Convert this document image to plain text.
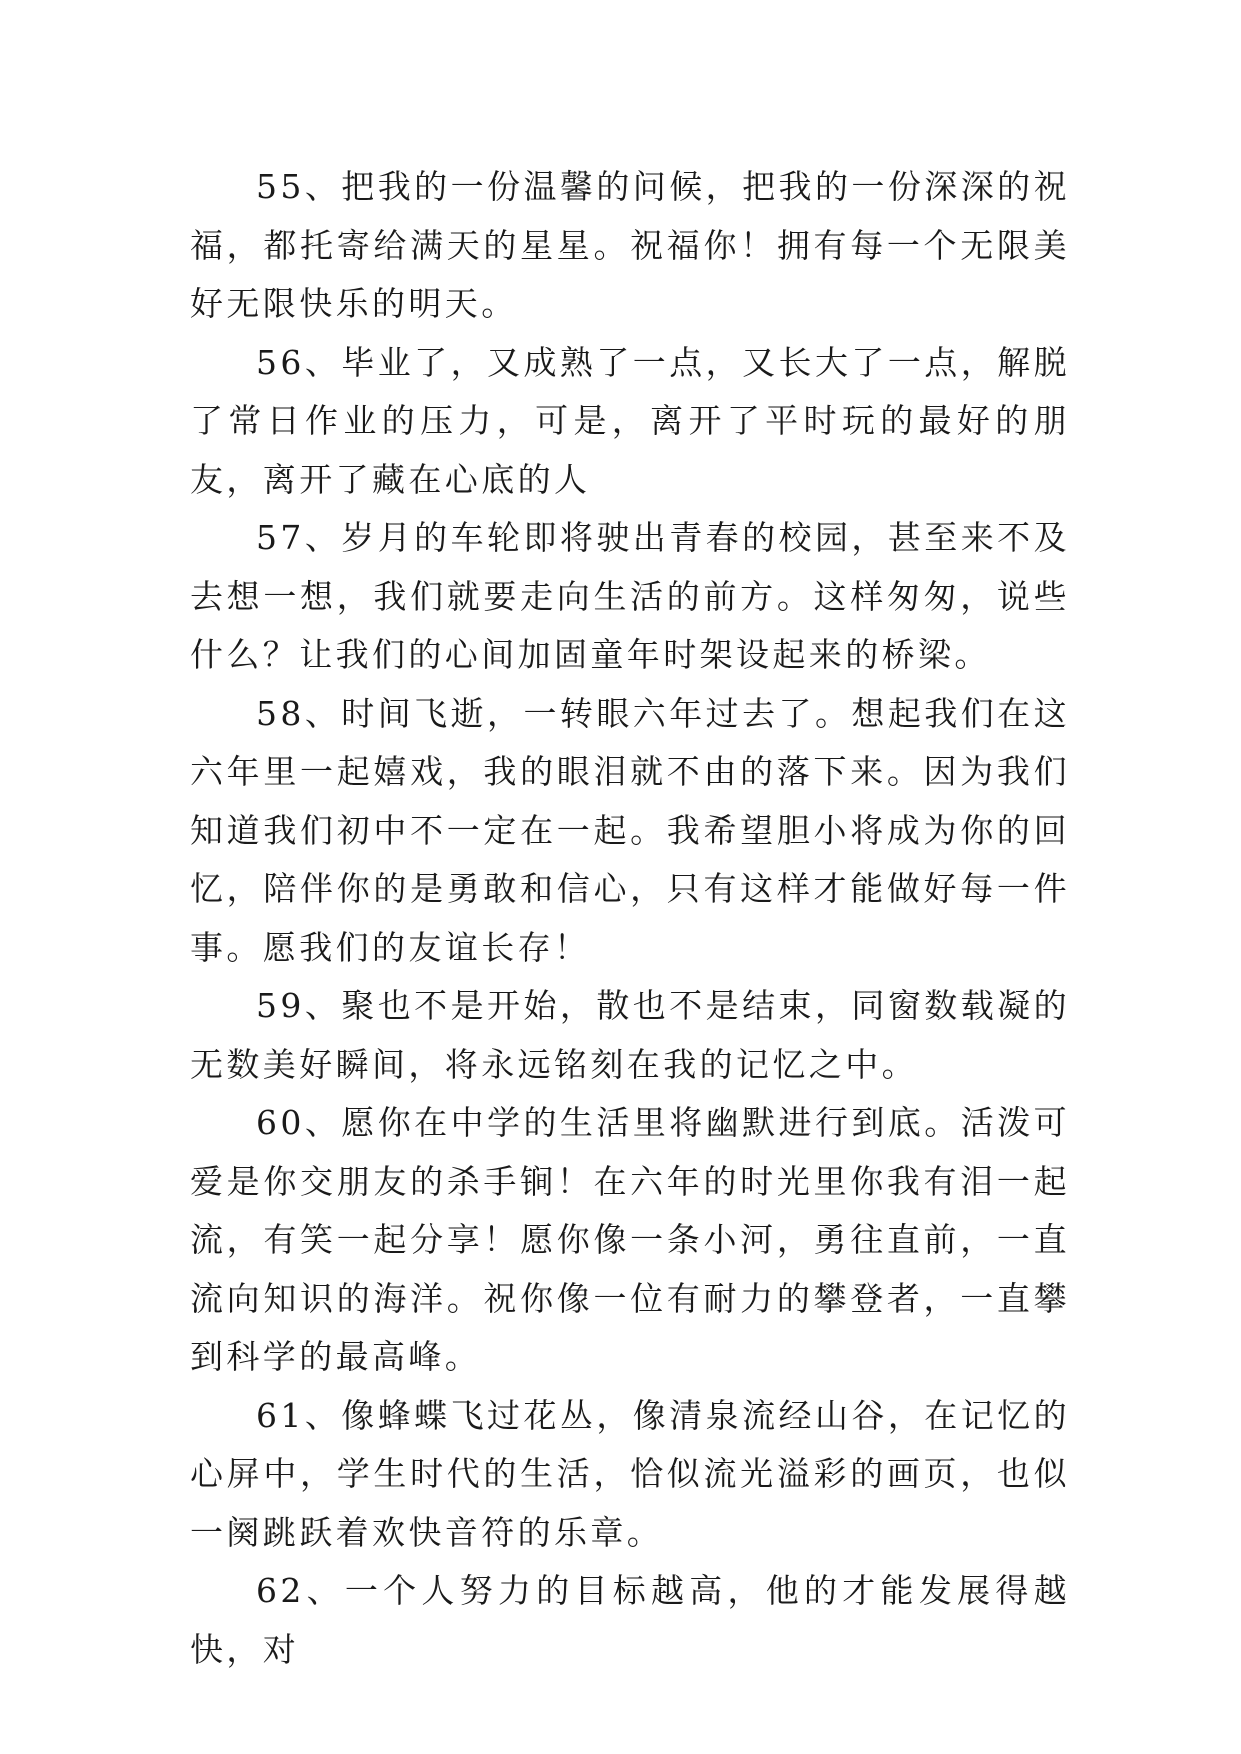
55、把我的一份温馨的问候，把我的一份深深的祝福，都托寄给满天的星星。祝福你！拥有每一个无限美好无限快乐的明天。

56、毕业了，又成熟了一点，又长大了一点，解脱了常日作业的压力，可是，离开了平时玩的最好的朋友，离开了藏在心底的人

57、岁月的车轮即将驶出青春的校园，甚至来不及去想一想，我们就要走向生活的前方。这样匆匆，说些什么？让我们的心间加固童年时架设起来的桥梁。

58、时间飞逝，一转眼六年过去了。想起我们在这六年里一起嬉戏，我的眼泪就不由的落下来。因为我们知道我们初中不一定在一起。我希望胆小将成为你的回忆，陪伴你的是勇敢和信心，只有这样才能做好每一件事。愿我们的友谊长存！

59、聚也不是开始，散也不是结束，同窗数载凝的无数美好瞬间，将永远铭刻在我的记忆之中。

60、愿你在中学的生活里将幽默进行到底。活泼可爱是你交朋友的杀手锏！在六年的时光里你我有泪一起流，有笑一起分享！愿你像一条小河，勇往直前，一直流向知识的海洋。祝你像一位有耐力的攀登者，一直攀到科学的最高峰。

61、像蜂蝶飞过花丛，像清泉流经山谷，在记忆的心屏中，学生时代的生活，恰似流光溢彩的画页，也似一阕跳跃着欢快音符的乐章。

62、一个人努力的目标越高，他的才能发展得越快，对
